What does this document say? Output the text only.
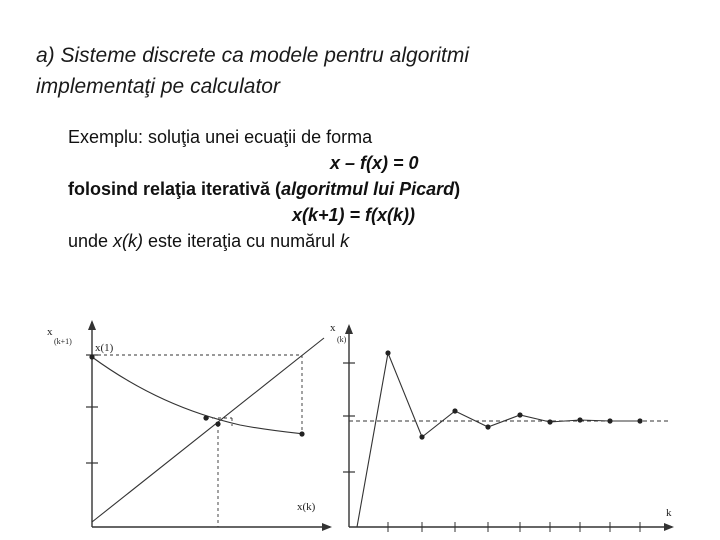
a) Sisteme discrete ca modele pentru algoritmi
implementaţi pe calculator
Exemplu: soluţia unei ecuaţii de forma
x – f(x) = 0
folosind relaţia iterativă (algoritmul lui Picard)
x(k+1) = f(x(k))
unde x(k) este iteraţia cu numărul k
x
(k+1)
x(1)
x(k)
x
(k)
k
